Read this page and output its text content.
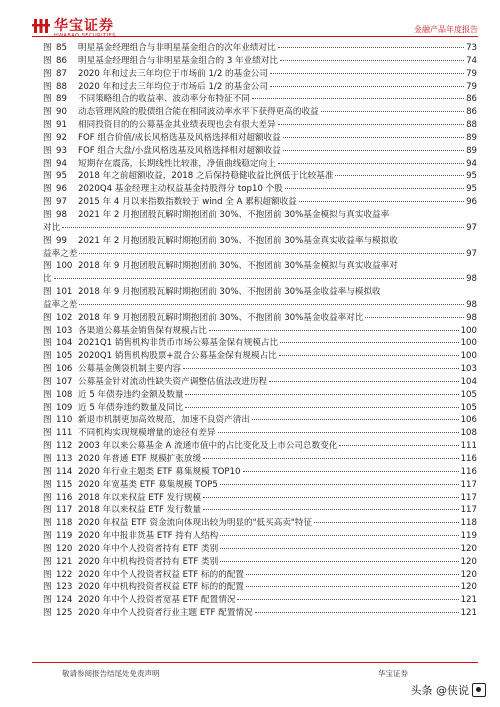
华宝证券
HWABAO SECURITIES
金融产品年度报告
图 85	明星基金经理组合与非明星基金组合的次年业绩对比	73
图 86	明星基金经理组合与非明星基金组合的 3 年业绩对比	74
图 87	2020 年和过去三年均位于市场前 1/2 的基金公司	79
图 88	2020 年和过去三年均位于市场后 1/2 的基金公司	79
图 89	不同策略组合的收益率、波动率分布特征不同	86
图 90	动态管理风险的股债组合能在相同波动率水平下获得更高的收益	86
图 91	相同投资目的的公募基金其业绩表现也会有很大差异	88
图 92	FOF 组合价值/成长风格选基及风格选择相对超额收益	89
图 93	FOF 组合大盘/小盘风格选基及风格选择相对超额收益	89
图 94	短期存在震荡，长期线性比较准，净值曲线稳定向上	94
图 95	2018 年之前超额收益，2018 之后保持稳健收益比例低于比较基准	95
图 96	2020Q4 基金经理主动权益基金持股得分 top10 个股	95
图 97	2015 年 4 月以来指数指数较于 wind 全 A 累积超额收益	96
图 98	2021 年 2 月抱团股瓦解时期抱团前 30%、不抱团前 30%基金模拟与真实收益率
对比	97
图 99	2021 年 2 月抱团股瓦解时期抱团前 30%、不抱团前 30%基金真实收益率与模拟收
益率之差	97
图 100 2018 年 9 月抱团股瓦解时期抱团前 30%、不抱团前 30%基金模拟与真实收益率对
比	98
图 101 2018 年 9 月抱团股瓦解时期抱团前 30%、不抱团前 30%基金收益率与模拟收
益率之差	98
图 102 2018 年 9 月抱团股瓦解时期抱团前 30%、不抱团前 30%基金收益率对比	98
图 103 各渠道公募基金销售保有规模占比	100
图 104 2021Q1 销售机构非货币市场公募基金保有规模占比	100
图 105 2020Q1 销售机构股票+混合公募基金保有规模占比	100
图 106 公募基金侧袋机制主要内容	103
图 107 公募基金针对流动性缺失资产调整估值法改进历程	104
图 108 近 5 年债券违约金额及数量	105
图 109 近 5 年债券违约数量及同比	105
图 110 新退市机制更加高效规范，加速不良资产清出	106
图 111 不同机构实现规模增量的途径有差异	108
图 112 2003 年以来公募基金 A 流通市值中的占比变化及上市公司总数变化	111
图 113 2020 年普通 ETF 规模扩张放缓	116
图 114 2020 年行业主题类 ETF 募集规模 TOP10	116
图 115 2020 年宽基类 ETF 募集规模 TOP5	117
图 116 2018 年以来权益 ETF 发行规模	117
图 117 2018 年以来权益 ETF 发行数量	117
图 118 2020 年权益 ETF 资金流向体现出较为明显的"低买高卖"特征	118
图 119 2020 年中报非货基 ETF 持有人结构	119
图 120 2020 年中个人投资者持有 ETF 类别	120
图 121 2020 年中机构投资者持有 ETF 类别	120
图 122 2020 年中个人投资者权益 ETF 标的的配置	120
图 123 2020 年中机构投资者权益 ETF 标的的配置	120
图 124 2020 年中个人投资者宽基 ETF 配置情况	121
图 125 2020 年中个人投资者行业主题 ETF 配置情况	121
敬请参阅报告结尾处免责声明	华宝证券
头条 @侠说
